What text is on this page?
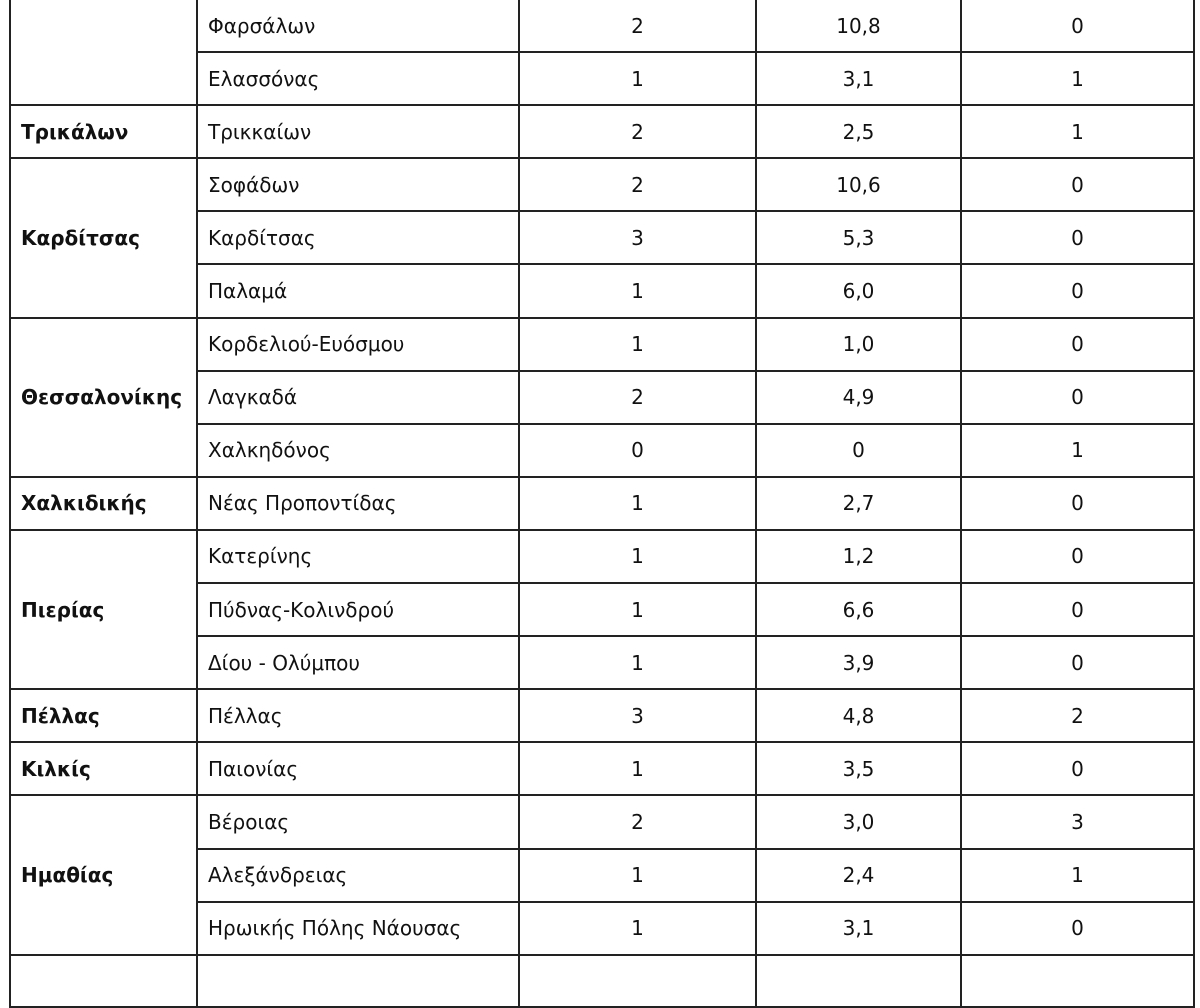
	Φαρσάλων	2	10,8	0
	Ελασσόνας	1	3,1	1
Τρικάλων	Τρικκαίων	2	2,5	1
Καρδίτσας	Σοφάδων	2	10,6	0
	Καρδίτσας	3	5,3	0
	Παλαμά	1	6,0	0
Θεσσαλονίκης	Κορδελιού-Ευόσμου	1	1,0	0
	Λαγκαδά	2	4,9	0
	Χαλκηδόνος	0	0	1
Χαλκιδικής	Νέας Προποντίδας	1	2,7	0
Πιερίας	Κατερίνης	1	1,2	0
	Πύδνας-Κολινδρού	1	6,6	0
	Δίου - Ολύμπου	1	3,9	0
Πέλλας	Πέλλας	3	4,8	2
Κιλκίς	Παιονίας	1	3,5	0
Ημαθίας	Βέροιας	2	3,0	3
	Αλεξάνδρειας	1	2,4	1
	Ηρωικής Πόλης Νάουσας	1	3,1	0
